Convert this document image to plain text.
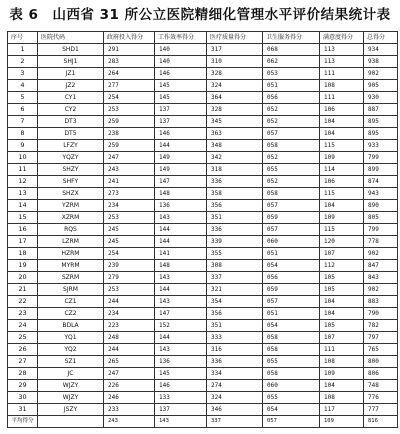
表 6　山西省 31 所公立医院精细化管理水平评价结果统计表
序号	医院代码	政府投入得分	工作效率得分	医疗质量得分	卫生服务得分	满意度得分	总得分
1	SHD1	291	140	317	068	113	934
2	SHJ1	283	140	310	062	113	938
3	JZ1	264	146	328	053	111	902
4	JZ2	277	145	324	051	108	905
5	CY1	254	145	364	056	111	930
6	CY2	253	137	328	052	106	887
7	DT3	259	137	345	052	104	895
8	DT5	238	146	363	057	104	895
9	LFZY	259	144	348	058	115	933
10	YQZY	247	149	342	052	109	799
11	SHZY	243	149	318	055	114	899
12	SHFY	241	147	336	052	106	874
13	SHZX	273	148	358	058	115	943
14	YZRM	234	136	356	057	104	890
15	XZRM	253	143	351	059	109	805
16	RQS	245	144	336	057	115	799
17	LZRM	245	144	339	060	120	778
18	HZRM	254	141	355	051	107	902
19	MYRM	239	148	308	054	112	847
20	SZRM	279	143	337	056	105	843
21	SJRM	253	144	321	059	105	902
22	CZ1	244	143	354	057	104	883
23	CZ2	234	147	356	051	104	790
24	BDLA	223	152	351	054	105	782
25	YQ1	248	144	333	058	107	797
26	YQ2	244	143	316	058	111	765
27	SZ1	265	136	336	055	108	800
28	JC	247	145	334	058	109	806
29	WJZY	226	146	274	060	104	748
30	WJZY	246	133	324	055	108	776
31	JSZY	233	137	346	054	117	777
平均得分		243	143	337	057	109	816
